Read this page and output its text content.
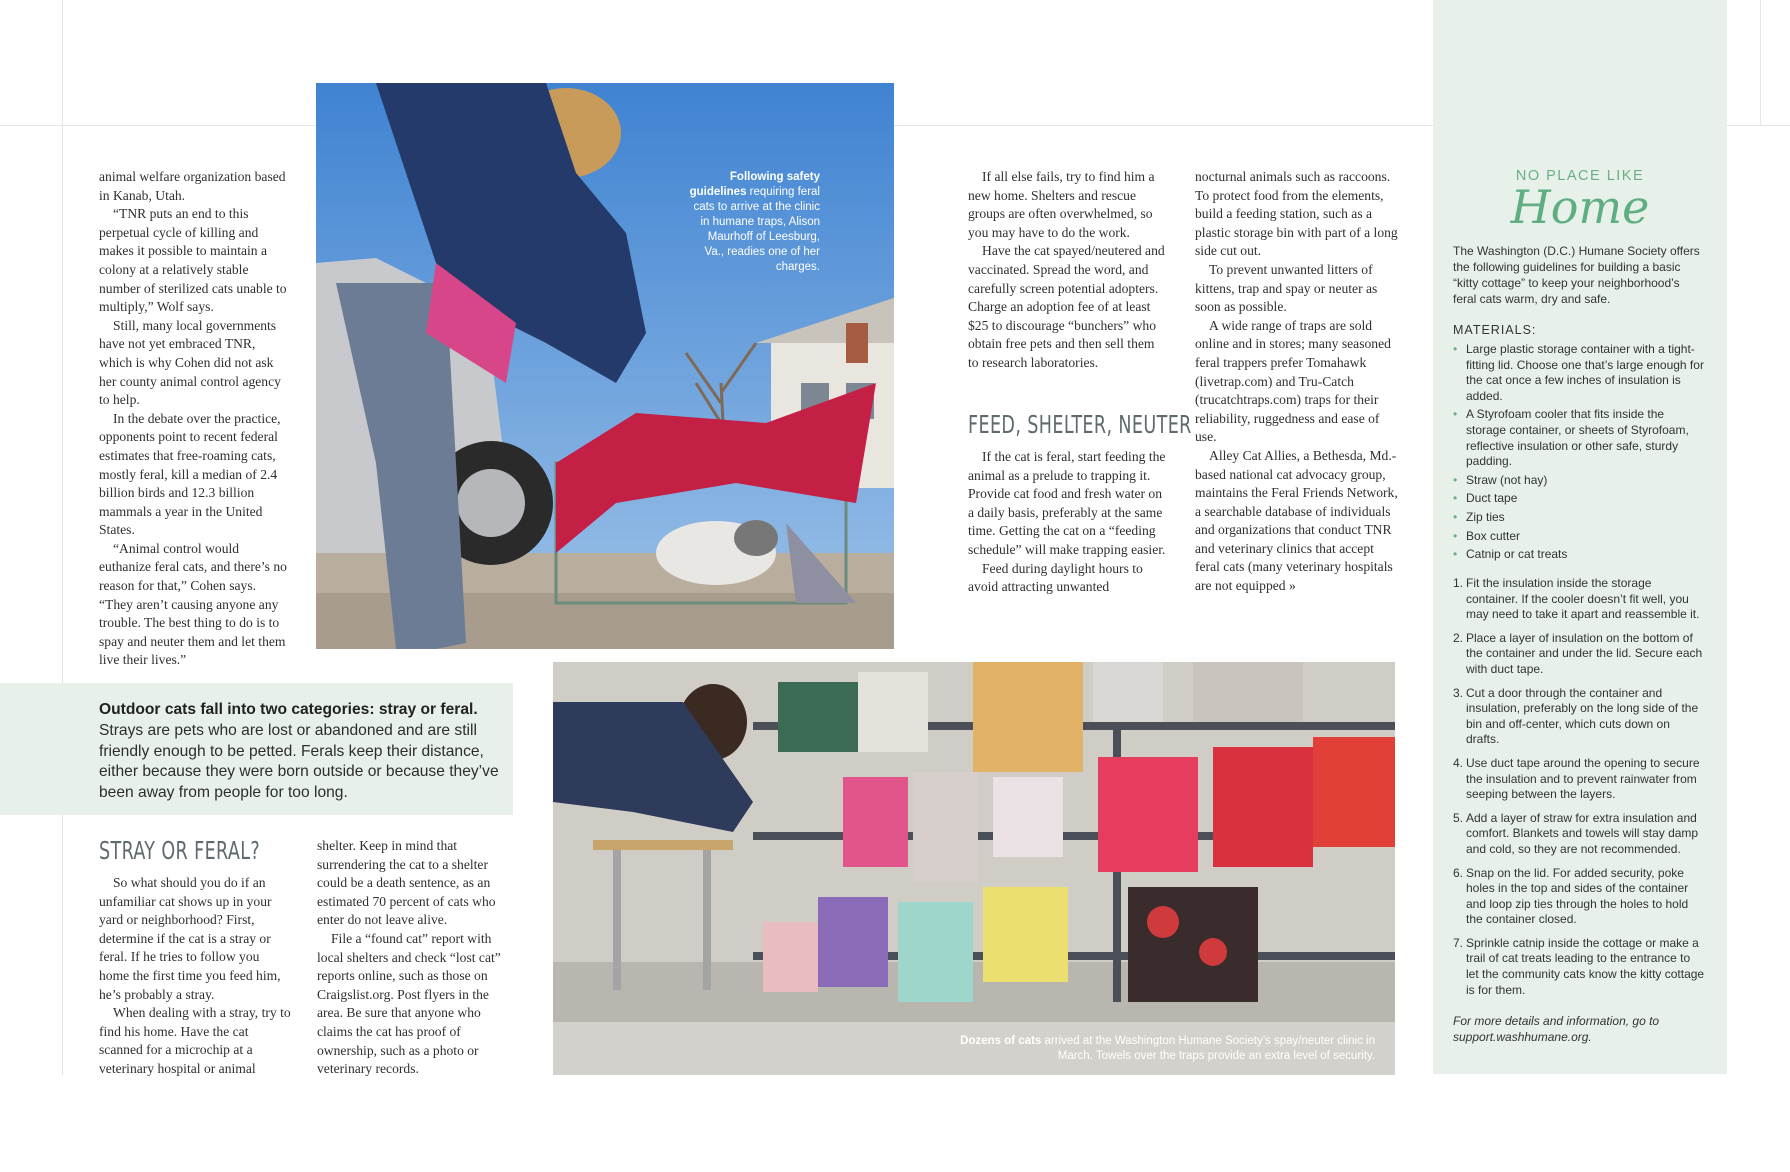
animal welfare organization based in Kanab, Utah.

“TNR puts an end to this perpetual cycle of killing and makes it possible to maintain a colony at a relatively stable number of sterilized cats unable to multiply,” Wolf says.

Still, many local governments have not yet embraced TNR, which is why Cohen did not ask her county animal control agency to help.

In the debate over the practice, opponents point to recent federal estimates that free-roaming cats, mostly feral, kill a median of 2.4 billion birds and 12.3 billion mammals a year in the United States.

“Animal control would euthanize feral cats, and there’s no reason for that,” Cohen says. “They aren’t causing anyone any trouble. The best thing to do is to spay and neuter them and let them live their lives.”

Following safety guidelines requiring feral cats to arrive at the clinic in humane traps, Alison Maurhoff of Leesburg, Va., readies one of her charges.

If all else fails, try to find him a new home. Shelters and rescue groups are often overwhelmed, so you may have to do the work.

Have the cat spayed/neutered and vaccinated. Spread the word, and carefully screen potential adopters. Charge an adoption fee of at least $25 to discourage “bunchers” who obtain free pets and then sell them to research laboratories.

FEED, SHELTER, NEUTER

If the cat is feral, start feeding the animal as a prelude to trapping it. Provide cat food and fresh water on a daily basis, preferably at the same time. Getting the cat on a “feeding schedule” will make trapping easier.

Feed during daylight hours to avoid attracting unwanted

nocturnal animals such as raccoons. To protect food from the elements, build a feeding station, such as a plastic storage bin with part of a long side cut out.

To prevent unwanted litters of kittens, trap and spay or neuter as soon as possible.

A wide range of traps are sold online and in stores; many seasoned feral trappers prefer Tomahawk (livetrap.com) and Tru-Catch (trucatchtraps.com) traps for their reliability, ruggedness and ease of use.

Alley Cat Allies, a Bethesda, Md.-based national cat advocacy group, maintains the Feral Friends Network, a searchable database of individuals and organizations that conduct TNR and veterinary clinics that accept feral cats (many veterinary hospitals are not equipped »

Outdoor cats fall into two categories: stray or feral.
Strays are pets who are lost or abandoned and are still friendly enough to be petted. Ferals keep their distance, either because they were born outside or because they’ve been away from people for too long.
STRAY OR FERAL?

So what should you do if an unfamiliar cat shows up in your yard or neighborhood? First, determine if the cat is a stray or feral. If he tries to follow you home the first time you feed him, he’s probably a stray.

When dealing with a stray, try to find his home. Have the cat scanned for a microchip at a veterinary hospital or animal

shelter. Keep in mind that surrendering the cat to a shelter could be a death sentence, as an estimated 70 percent of cats who enter do not leave alive.

File a “found cat” report with local shelters and check “lost cat” reports online, such as those on Craigslist.org. Post flyers in the area. Be sure that anyone who claims the cat has proof of ownership, such as a photo or veterinary records.

Dozens of cats arrived at the Washington Humane Society’s spay/neuter clinic in March. Towels over the traps provide an extra level of security.
NO PLACE LIKE
Home
The Washington (D.C.) Humane Society offers the following guidelines for building a basic “kitty cottage” to keep your neighborhood’s feral cats warm, dry and safe.
MATERIALS:
• Large plastic storage container with a tight-fitting lid. Choose one that’s large enough for the cat once a few inches of insulation is added.
• A Styrofoam cooler that fits inside the storage container, or sheets of Styrofoam, reflective insulation or other safe, sturdy padding.
• Straw (not hay)
• Duct tape
• Zip ties
• Box cutter
• Catnip or cat treats
1. Fit the insulation inside the storage container. If the cooler doesn’t fit well, you may need to take it apart and reassemble it.
2. Place a layer of insulation on the bottom of the container and under the lid. Secure each with duct tape.
3. Cut a door through the container and insulation, preferably on the long side of the bin and off-center, which cuts down on drafts.
4. Use duct tape around the opening to secure the insulation and to prevent rainwater from seeping between the layers.
5. Add a layer of straw for extra insulation and comfort. Blankets and towels will stay damp and cold, so they are not recommended.
6. Snap on the lid. For added security, poke holes in the top and sides of the container and loop zip ties through the holes to hold the container closed.
7. Sprinkle catnip inside the cottage or make a trail of cat treats leading to the entrance to let the community cats know the kitty cottage is for them.
For more details and information, go to support.washhumane.org.
